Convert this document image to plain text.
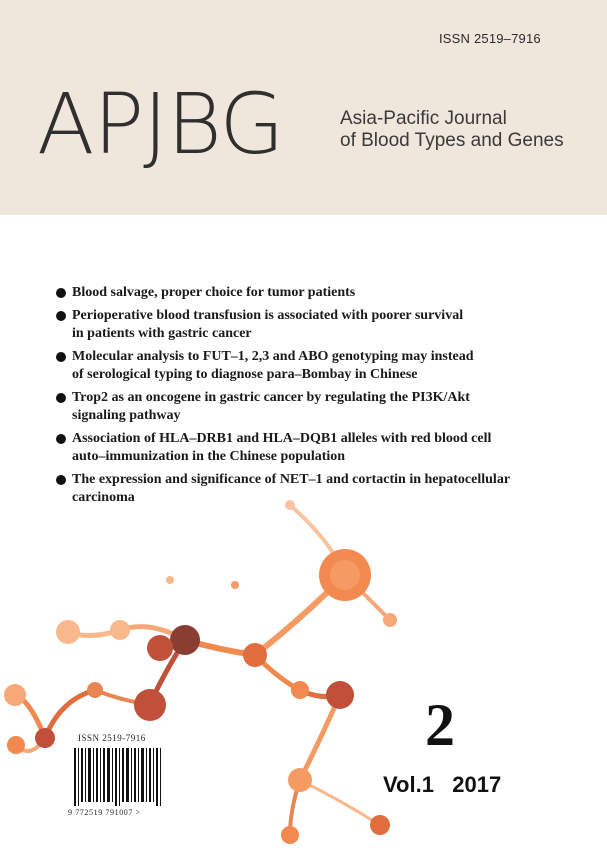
ISSN 2519–7916
APJBG	Asia-Pacific Journal
of Blood Types and Genes
Blood salvage, proper choice for tumor patients
Perioperative blood transfusion is associated with poorer survival
in patients with gastric cancer
Molecular analysis to FUT–1, 2,3 and ABO genotyping may instead
of serological typing to diagnose para–Bombay in Chinese
Trop2 as an oncogene in gastric cancer by regulating the PI3K/Akt
signaling pathway
Association of HLA–DRB1 and HLA–DQB1 alleles with red blood cell
auto–immunization in the Chinese population
The expression and significance of NET–1 and cortactin in hepatocellular
carcinoma
ISSN 2519-7916
9 772519 791007 >
2
Vol.1   2017
